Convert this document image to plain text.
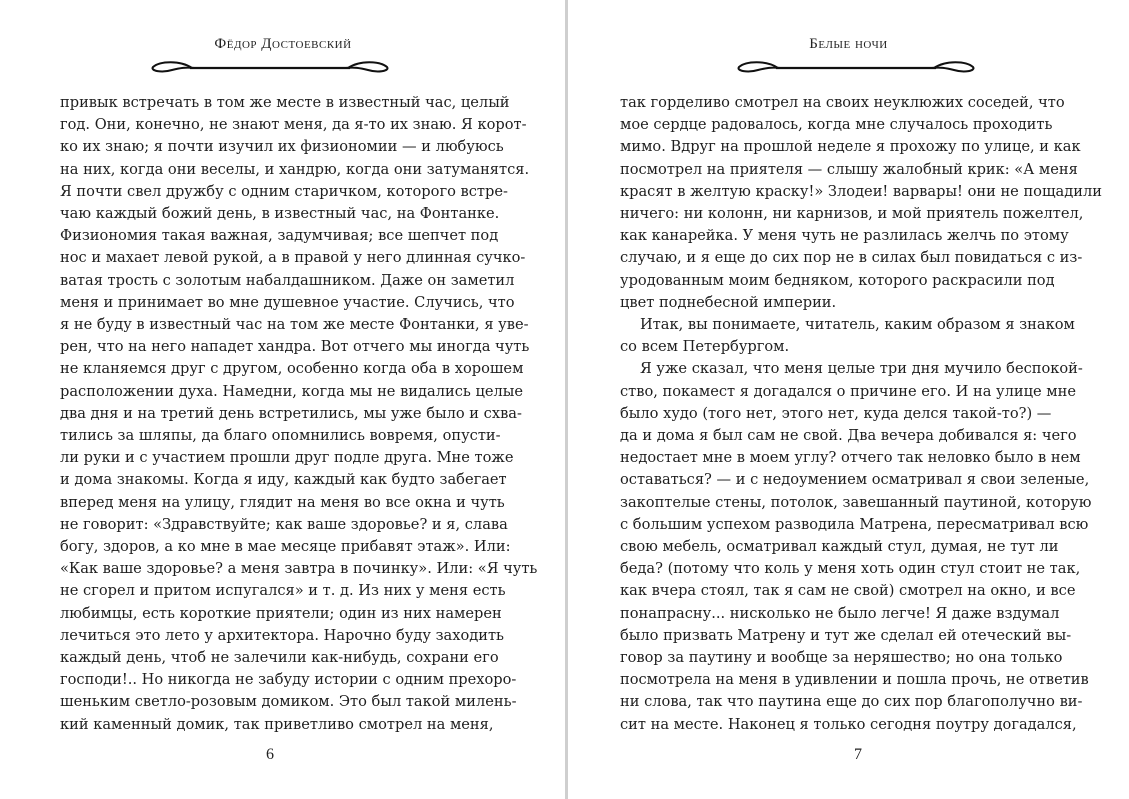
Фёдор Достоевский
привык встречать в том же месте в известный час, целый
год. Они, конечно, не знают меня, да я-то их знаю. Я корот-
ко их знаю; я почти изучил их физиономии — и любуюсь
на них, когда они веселы, и хандрю, когда они затуманятся.
Я почти свел дружбу с одним старичком, которого встре-
чаю каждый божий день, в известный час, на Фонтанке.
Физиономия такая важная, задумчивая; все шепчет под
нос и махает левой рукой, а в правой у него длинная сучко-
ватая трость с золотым набалдашником. Даже он заметил
меня и принимает во мне душевное участие. Случись, что
я не буду в известный час на том же месте Фонтанки, я уве-
рен, что на него нападет хандра. Вот отчего мы иногда чуть
не кланяемся друг с другом, особенно когда оба в хорошем
расположении духа. Намедни, когда мы не видались целые
два дня и на третий день встретились, мы уже было и схва-
тились за шляпы, да благо опомнились вовремя, опусти-
ли руки и с участием прошли друг подле друга. Мне тоже
и дома знакомы. Когда я иду, каждый как будто забегает
вперед меня на улицу, глядит на меня во все окна и чуть
не говорит: «Здравствуйте; как ваше здоровье? и я, слава
богу, здоров, а ко мне в мае месяце прибавят этаж». Или:
«Как ваше здоровье? а меня завтра в починку». Или: «Я чуть
не сгорел и притом испугался» и т. д. Из них у меня есть
любимцы, есть короткие приятели; один из них намерен
лечиться это лето у архитектора. Нарочно буду заходить
каждый день, чтоб не залечили как-нибудь, сохрани его
господи!.. Но никогда не забуду истории с одним прехоро-
шеньким светло-розовым домиком. Это был такой милень-
кий каменный домик, так приветливо смотрел на меня,
6
Белые ночи
так горделиво смотрел на своих неуклюжих соседей, что
мое сердце радовалось, когда мне случалось проходить
мимо. Вдруг на прошлой неделе я прохожу по улице, и как
посмотрел на приятеля — слышу жалобный крик: «А меня
красят в желтую краску!» Злодеи! варвары! они не пощадили
ничего: ни колонн, ни карнизов, и мой приятель пожелтел,
как канарейка. У меня чуть не разлилась желчь по этому
случаю, и я еще до сих пор не в силах был повидаться с из-
уродованным моим бедняком, которого раскрасили под
цвет поднебесной империи.
Итак, вы понимаете, читатель, каким образом я знаком
со всем Петербургом.
Я уже сказал, что меня целые три дня мучило беспокой-
ство, покамест я догадался о причине его. И на улице мне
было худо (того нет, этого нет, куда делся такой-то?) —
да и дома я был сам не свой. Два вечера добивался я: чего
недостает мне в моем углу? отчего так неловко было в нем
оставаться? — и с недоумением осматривал я свои зеленые,
закоптелые стены, потолок, завешанный паутиной, которую
с большим успехом разводила Матрена, пересматривал всю
свою мебель, осматривал каждый стул, думая, не тут ли
беда? (потому что коль у меня хоть один стул стоит не так,
как вчера стоял, так я сам не свой) смотрел на окно, и все
понапрасну... нисколько не было легче! Я даже вздумал
было призвать Матрену и тут же сделал ей отеческий вы-
говор за паутину и вообще за неряшество; но она только
посмотрела на меня в удивлении и пошла прочь, не ответив
ни слова, так что паутина еще до сих пор благополучно ви-
сит на месте. Наконец я только сегодня поутру догадался,
7
